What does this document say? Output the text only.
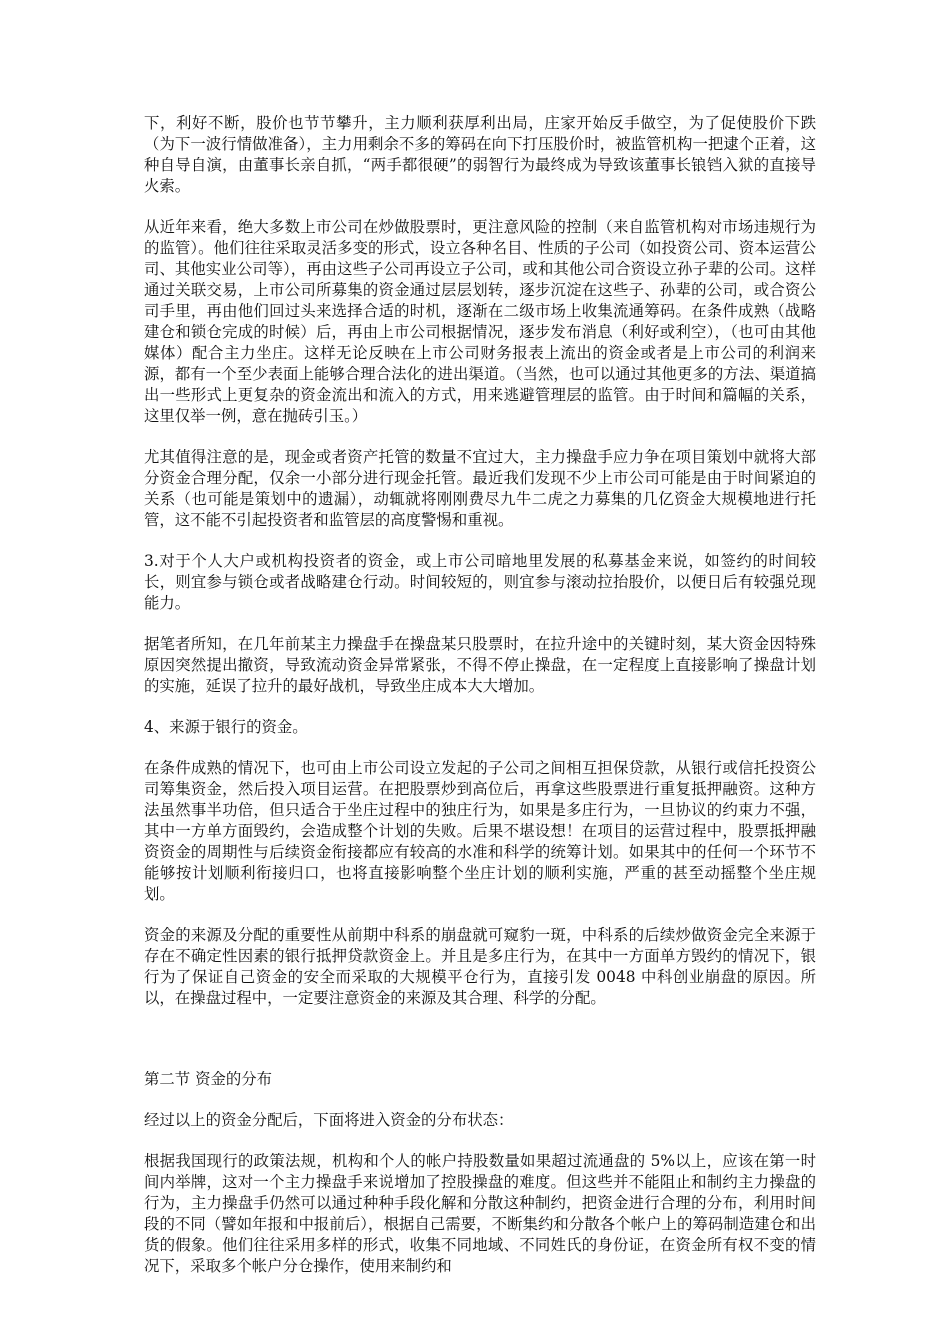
下，利好不断，股价也节节攀升，主力顺利获厚利出局，庄家开始反手做空，为了促使股价下跌（为下一波行情做准备），主力用剩余不多的筹码在向下打压股价时，被监管机构一把逮个正着，这种自导自演，由董事长亲自抓，“两手都很硬”的弱智行为最终成为导致该董事长锒铛入狱的直接导火索。

从近年来看，绝大多数上市公司在炒做股票时，更注意风险的控制（来自监管机构对市场违规行为的监管）。他们往往采取灵活多变的形式，设立各种名目、性质的子公司（如投资公司、资本运营公司、其他实业公司等），再由这些子公司再设立子公司，或和其他公司合资设立孙子辈的公司。这样通过关联交易，上市公司所募集的资金通过层层划转，逐步沉淀在这些子、孙辈的公司，或合资公司手里，再由他们回过头来选择合适的时机，逐渐在二级市场上收集流通筹码。在条件成熟（战略建仓和锁仓完成的时候）后，再由上市公司根据情况，逐步发布消息（利好或利空），（也可由其他媒体）配合主力坐庄。这样无论反映在上市公司财务报表上流出的资金或者是上市公司的利润来源，都有一个至少表面上能够合理合法化的进出渠道。（当然，也可以通过其他更多的方法、渠道搞出一些形式上更复杂的资金流出和流入的方式，用来逃避管理层的监管。由于时间和篇幅的关系，这里仅举一例，意在抛砖引玉。）

尤其值得注意的是，现金或者资产托管的数量不宜过大，主力操盘手应力争在项目策划中就将大部分资金合理分配，仅余一小部分进行现金托管。最近我们发现不少上市公司可能是由于时间紧迫的关系（也可能是策划中的遗漏），动辄就将刚刚费尽九牛二虎之力募集的几亿资金大规模地进行托管，这不能不引起投资者和监管层的高度警惕和重视。

3.对于个人大户或机构投资者的资金，或上市公司暗地里发展的私募基金来说，如签约的时间较长，则宜参与锁仓或者战略建仓行动。时间较短的，则宜参与滚动拉抬股价，以便日后有较强兑现能力。

据笔者所知，在几年前某主力操盘手在操盘某只股票时，在拉升途中的关键时刻，某大资金因特殊原因突然提出撤资，导致流动资金异常紧张，不得不停止操盘，在一定程度上直接影响了操盘计划的实施，延误了拉升的最好战机，导致坐庄成本大大增加。

4、来源于银行的资金。

在条件成熟的情况下，也可由上市公司设立发起的子公司之间相互担保贷款，从银行或信托投资公司筹集资金，然后投入项目运营。在把股票炒到高位后，再拿这些股票进行重复抵押融资。这种方法虽然事半功倍，但只适合于坐庄过程中的独庄行为，如果是多庄行为，一旦协议的约束力不强，其中一方单方面毁约，会造成整个计划的失败。后果不堪设想！在项目的运营过程中，股票抵押融资资金的周期性与后续资金衔接都应有较高的水准和科学的统筹计划。如果其中的任何一个环节不能够按计划顺利衔接归口，也将直接影响整个坐庄计划的顺利实施，严重的甚至动摇整个坐庄规划。

资金的来源及分配的重要性从前期中科系的崩盘就可窥豹一斑，中科系的后续炒做资金完全来源于存在不确定性因素的银行抵押贷款资金上。并且是多庄行为，在其中一方面单方毁约的情况下，银行为了保证自己资金的安全而采取的大规模平仓行为，直接引发 0048 中科创业崩盘的原因。所以，在操盘过程中，一定要注意资金的来源及其合理、科学的分配。

第二节 资金的分布

经过以上的资金分配后，下面将进入资金的分布状态：

根据我国现行的政策法规，机构和个人的帐户持股数量如果超过流通盘的 5%以上，应该在第一时间内举牌，这对一个主力操盘手来说增加了控股操盘的难度。但这些并不能阻止和制约主力操盘的行为，主力操盘手仍然可以通过种种手段化解和分散这种制约，把资金进行合理的分布，利用时间段的不同（譬如年报和中报前后），根据自己需要，不断集约和分散各个帐户上的筹码制造建仓和出货的假象。他们往往采用多样的形式，收集不同地域、不同姓氏的身份证，在资金所有权不变的情况下，采取多个帐户分仓操作，使用来制约和
